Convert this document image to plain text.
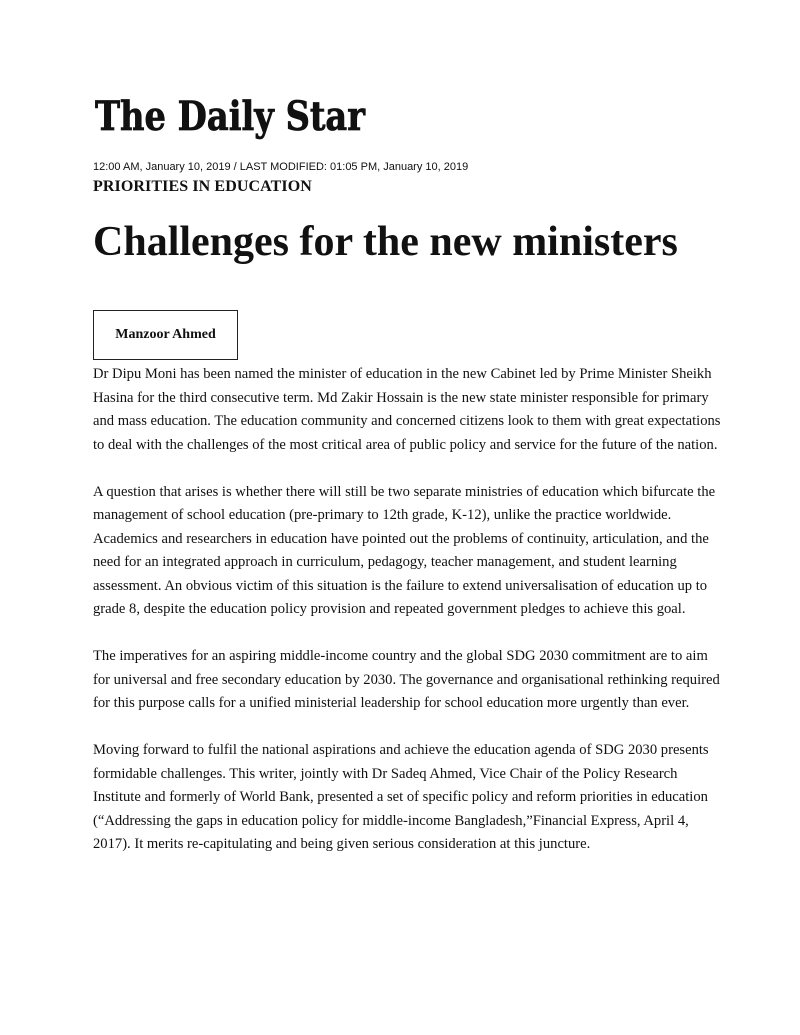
The Daily Star
12:00 AM, January 10, 2019 / LAST MODIFIED: 01:05 PM, January 10, 2019
PRIORITIES IN EDUCATION
Challenges for the new ministers
Manzoor Ahmed

Dr Dipu Moni has been named the minister of education in the new Cabinet led by Prime Minister Sheikh Hasina for the third consecutive term. Md Zakir Hossain is the new state minister responsible for primary and mass education. The education community and concerned citizens look to them with great expectations to deal with the challenges of the most critical area of public policy and service for the future of the nation.

A question that arises is whether there will still be two separate ministries of education which bifurcate the management of school education (pre-primary to 12th grade, K-12), unlike the practice worldwide. Academics and researchers in education have pointed out the problems of continuity, articulation, and the need for an integrated approach in curriculum, pedagogy, teacher management, and student learning assessment. An obvious victim of this situation is the failure to extend universalisation of education up to grade 8, despite the education policy provision and repeated government pledges to achieve this goal.

The imperatives for an aspiring middle-income country and the global SDG 2030 commitment are to aim for universal and free secondary education by 2030. The governance and organisational rethinking required for this purpose calls for a unified ministerial leadership for school education more urgently than ever.

Moving forward to fulfil the national aspirations and achieve the education agenda of SDG 2030 presents formidable challenges. This writer, jointly with Dr Sadeq Ahmed, Vice Chair of the Policy Research Institute and formerly of World Bank, presented a set of specific policy and reform priorities in education (“Addressing the gaps in education policy for middle-income Bangladesh,”Financial Express, April 4, 2017). It merits re-capitulating and being given serious consideration at this juncture.
